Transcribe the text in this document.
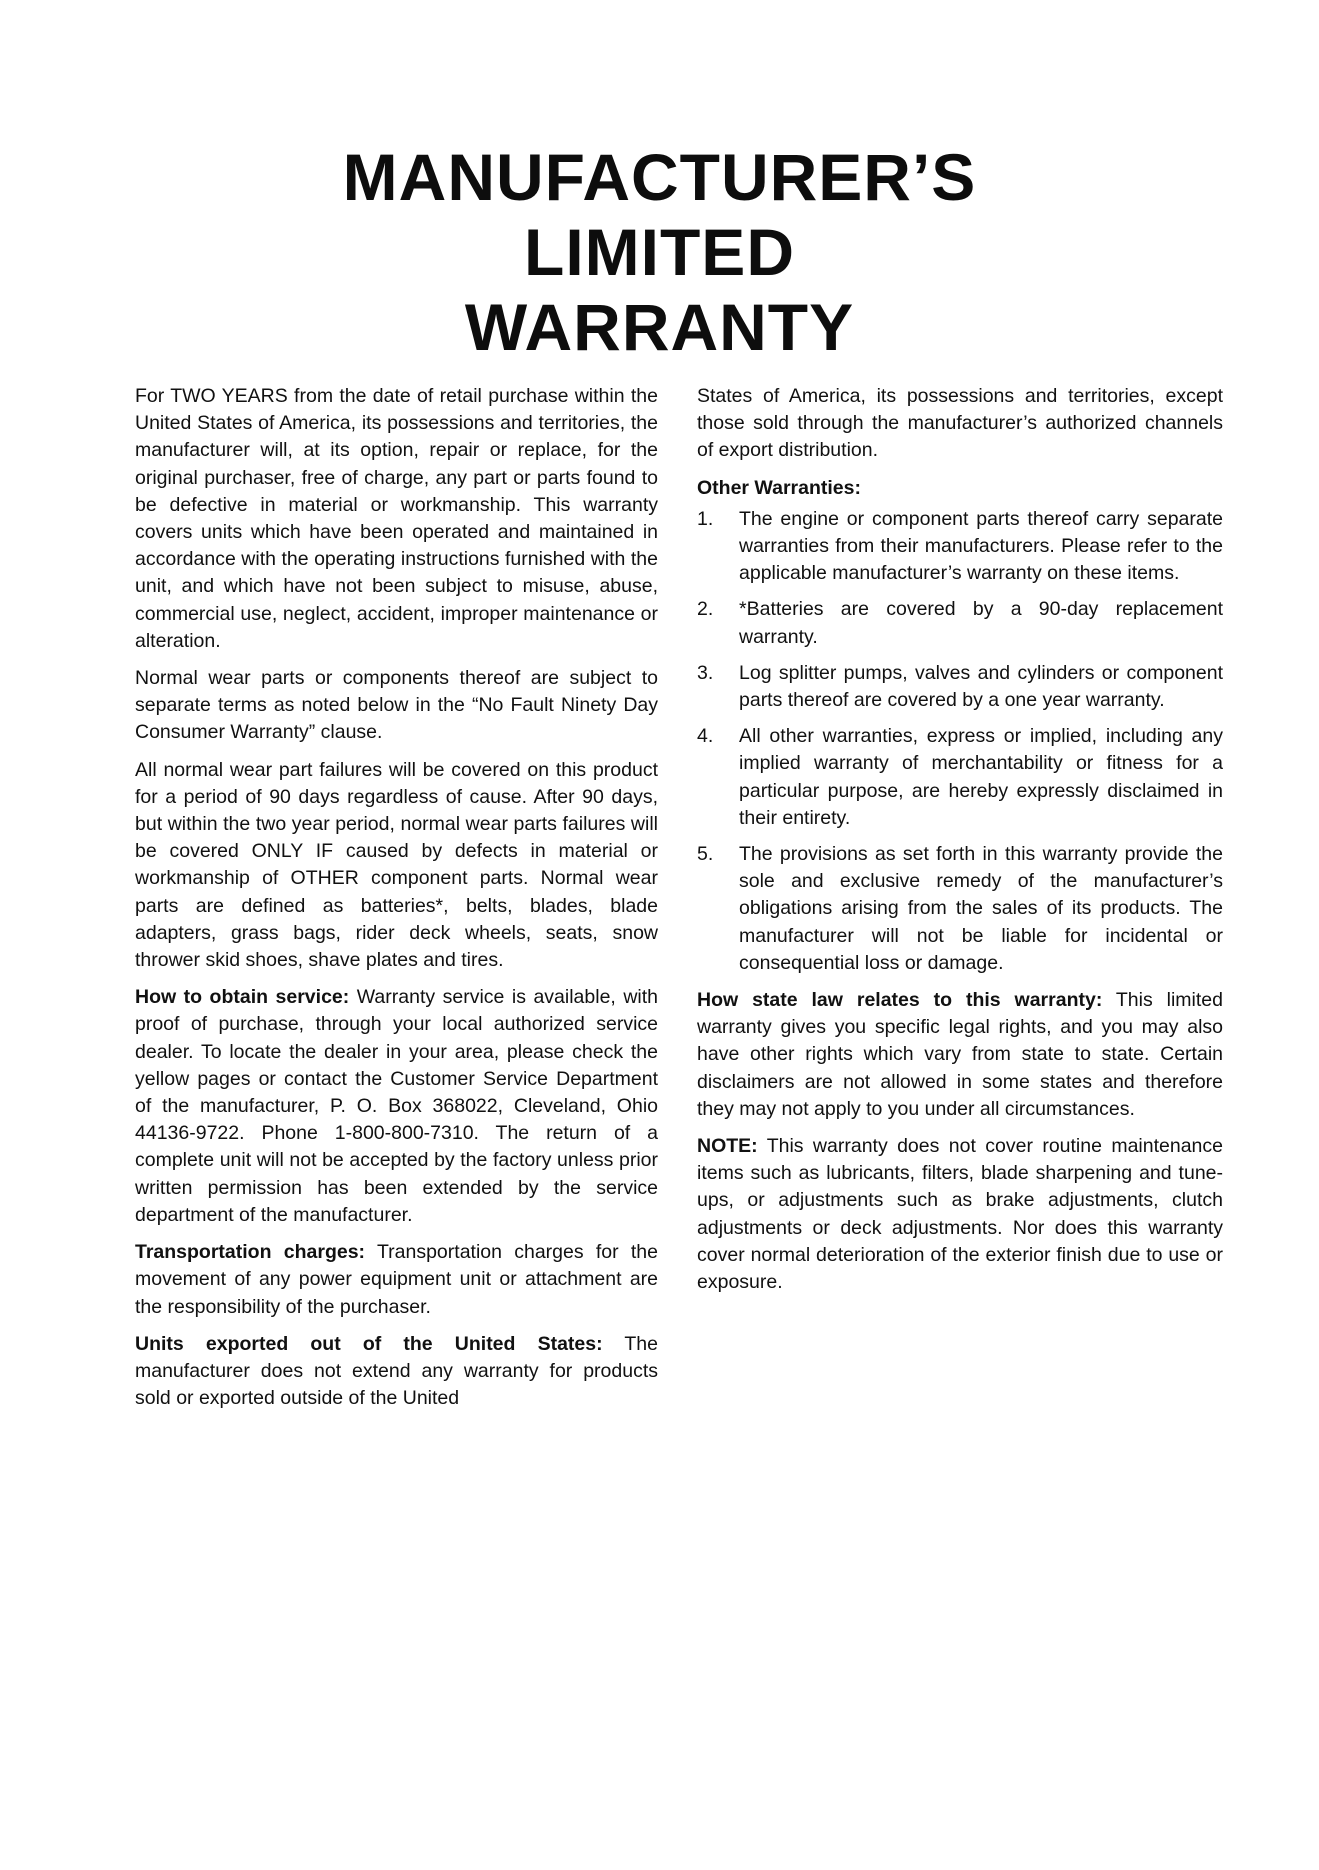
MANUFACTURER’S
LIMITED
WARRANTY

For TWO YEARS from the date of retail purchase within the United States of America, its possessions and territories, the manufacturer will, at its option, repair or replace, for the original purchaser, free of charge, any part or parts found to be defective in material or workmanship. This warranty covers units which have been operated and maintained in accordance with the operating instructions furnished with the unit, and which have not been subject to misuse, abuse, commercial use, neglect, accident, improper maintenance or alteration.

Normal wear parts or components thereof are subject to separate terms as noted below in the “No Fault Ninety Day Consumer Warranty” clause.

All normal wear part failures will be covered on this product for a period of 90 days regardless of cause. After 90 days, but within the two year period, normal wear parts failures will be covered ONLY IF caused by defects in material or workmanship of OTHER component parts. Normal wear parts are defined as batteries*, belts, blades, blade adapters, grass bags, rider deck wheels, seats, snow thrower skid shoes, shave plates and tires.

How to obtain service: Warranty service is available, with proof of purchase, through your local authorized service dealer. To locate the dealer in your area, please check the yellow pages or contact the Customer Service Department of the manufacturer, P. O. Box 368022, Cleveland, Ohio 44136-9722. Phone 1-800-800-7310. The return of a complete unit will not be accepted by the factory unless prior written permission has been extended by the service department of the manufacturer.

Transportation charges: Transportation charges for the movement of any power equipment unit or attachment are the responsibility of the purchaser.

Units exported out of the United States: The manufacturer does not extend any warranty for products sold or exported outside of the United

States of America, its possessions and territories, except those sold through the manufacturer’s authorized channels of export distribution.

Other Warranties:
1. The engine or component parts thereof carry separate warranties from their manufacturers. Please refer to the applicable manufacturer’s warranty on these items.
2. *Batteries are covered by a 90-day replacement warranty.
3. Log splitter pumps, valves and cylinders or component parts thereof are covered by a one year warranty.
4. All other warranties, express or implied, including any implied warranty of merchantability or fitness for a particular purpose, are hereby expressly disclaimed in their entirety.
5. The provisions as set forth in this warranty provide the sole and exclusive remedy of the manufacturer’s obligations arising from the sales of its products. The manufacturer will not be liable for incidental or consequential loss or damage.

How state law relates to this warranty: This limited warranty gives you specific legal rights, and you may also have other rights which vary from state to state. Certain disclaimers are not allowed in some states and therefore they may not apply to you under all circumstances.

NOTE: This warranty does not cover routine maintenance items such as lubricants, filters, blade sharpening and tune-ups, or adjustments such as brake adjustments, clutch adjustments or deck adjustments. Nor does this warranty cover normal deterioration of the exterior finish due to use or exposure.
